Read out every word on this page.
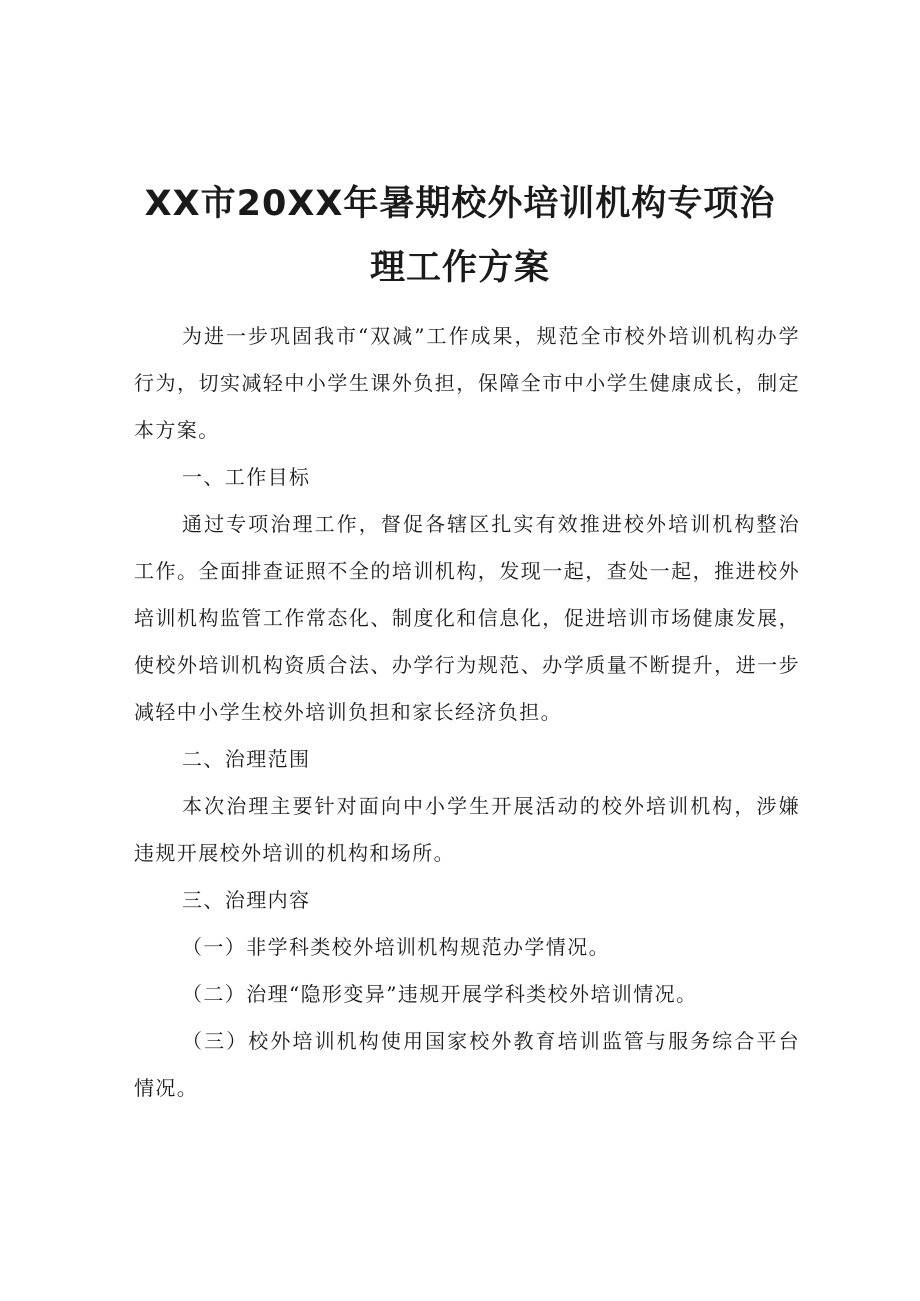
XX市20XX年暑期校外培训机构专项治
理工作方案

为进一步巩固我市“双减”工作成果，规范全市校外培训机构办学行为，切实减轻中小学生课外负担，保障全市中小学生健康成长，制定本方案。

一、工作目标

通过专项治理工作，督促各辖区扎实有效推进校外培训机构整治工作。全面排查证照不全的培训机构，发现一起，查处一起，推进校外培训机构监管工作常态化、制度化和信息化，促进培训市场健康发展，使校外培训机构资质合法、办学行为规范、办学质量不断提升，进一步减轻中小学生校外培训负担和家长经济负担。

二、治理范围

本次治理主要针对面向中小学生开展活动的校外培训机构，涉嫌违规开展校外培训的机构和场所。

三、治理内容

（一）非学科类校外培训机构规范办学情况。

（二）治理“隐形变异”违规开展学科类校外培训情况。

（三）校外培训机构使用国家校外教育培训监管与服务综合平台情况。
